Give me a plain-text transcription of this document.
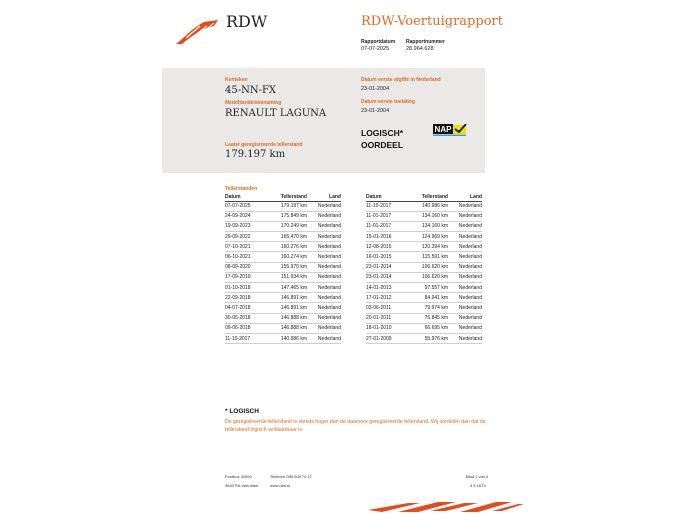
RDW	RDW-Voertuigrapport
Rapportdatum
07-07-2025
Rapportnummer
28.964.628
Kenteken
45-NN-FX
Merk/Handelsbenaming
RENAULT LAGUNA
Laatst geregistreerde tellerstand
179.197 km
Datum eerste afgifte in Nederland
23-01-2004
Datum eerste toelating
23-01-2004
LOGISCH*
OORDEEL
NAP
Tellerstanden
Datum	Tellerstand	Land
07-07-2025	179.197 km	Nederland
24-09-2024	175.849 km	Nederland
19-09-2023	170.249 km	Nederland
29-09-2022	165.470 km	Nederland
07-10-2021	160.276 km	Nederland
06-10-2021	160.274 km	Nederland
08-09-2020	155.970 km	Nederland
17-09-2019	151.934 km	Nederland
01-10-2018	147.465 km	Nederland
22-09-2018	146.891 km	Nederland
04-07-2018	146.891 km	Nederland
30-06-2018	146.888 km	Nederland
09-06-2018	146.888 km	Nederland
11-10-2017	140.986 km	Nederland
Datum	Tellerstand	Land
11-10-2017	140.986 km	Nederland
11-01-2017	134.160 km	Nederland
11-01-2017	134.160 km	Nederland
15-01-2016	124.969 km	Nederland
12-08-2015	120.394 km	Nederland
16-01-2015	115.591 km	Nederland
23-01-2014	106.620 km	Nederland
23-01-2014	106.620 km	Nederland
14-01-2013	97.557 km	Nederland
17-01-2012	84.941 km	Nederland
03-06-2011	79.974 km	Nederland
20-01-2011	76.845 km	Nederland
18-01-2010	66.695 km	Nederland
27-01-2009	55.976 km	Nederland
* LOGISCH
De geregistreerde tellerstand is steeds hoger dan de daarvoor geregistreerde tellerstand. Wij oordelen dan dat de tellerstand logisch verklaarbaar is.
Postbus 30000
9640 RA Veendam
Telefoon 088 008 74 47
www.rdw.nl
Blad 1 van 4
3 5 1679
